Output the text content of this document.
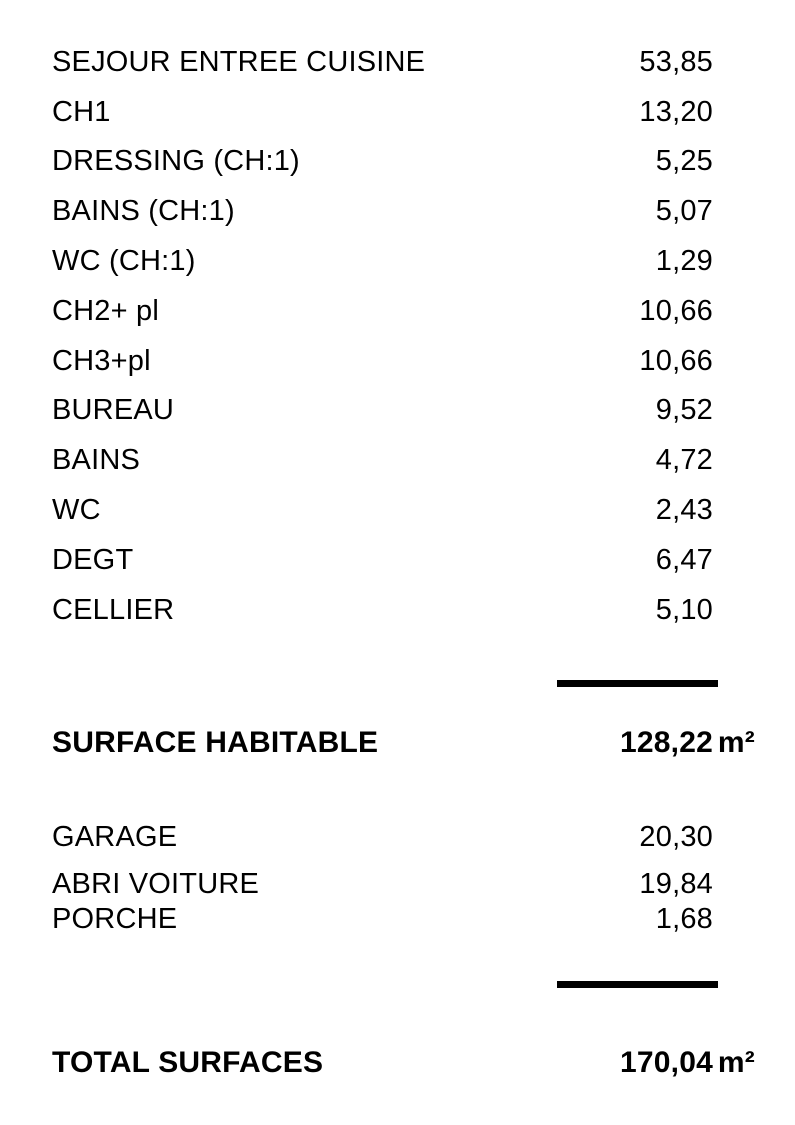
SEJOUR ENTREE CUISINE	53,85
CH1	13,20
DRESSING (CH:1)	5,25
BAINS (CH:1)	5,07
WC (CH:1)	1,29
CH2+ pl	10,66
CH3+pl	10,66
BUREAU	9,52
BAINS	4,72
WC	2,43
DEGT	6,47
CELLIER	5,10
SURFACE HABITABLE	128,22 m²
GARAGE	20,30
ABRI VOITURE	19,84
PORCHE	1,68
TOTAL SURFACES	170,04 m²
